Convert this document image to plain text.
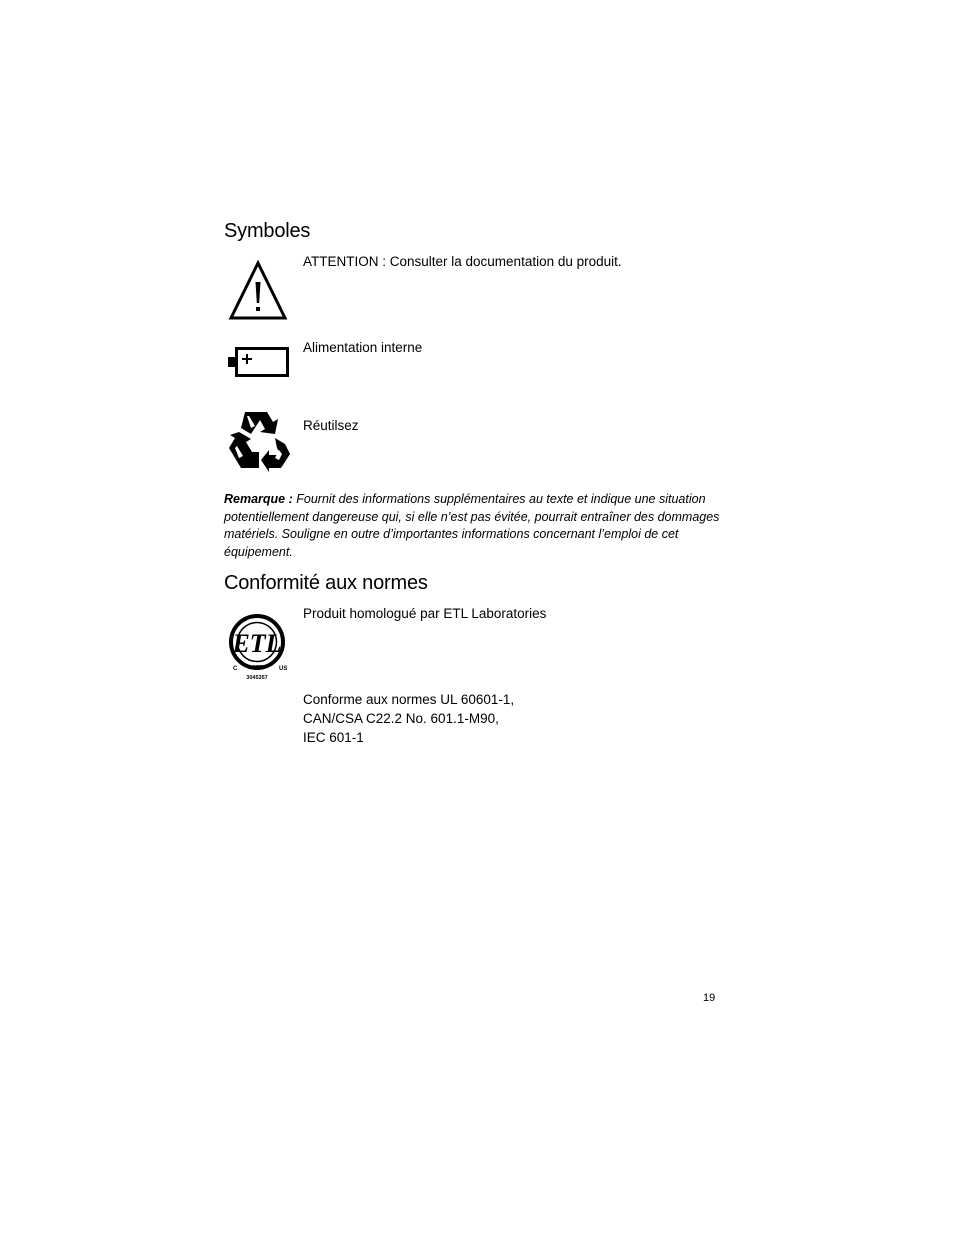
Symboles
ATTENTION : Consulter la documentation du produit.
Alimentation interne
Réutilsez
Remarque : Fournit des informations supplémentaires au texte et indique une situation potentiellement dangereuse qui, si elle n’est pas évitée, pourrait entraîner des dommages matériels. Souligne en outre d’importantes informations concernant l’emploi de cet équipement.
Conformité aux normes
ETL
C LISTED US
3045357
Produit homologué par ETL Laboratories
Conforme aux normes UL 60601-1,
CAN/CSA C22.2 No. 601.1-M90,
IEC 601-1
19
